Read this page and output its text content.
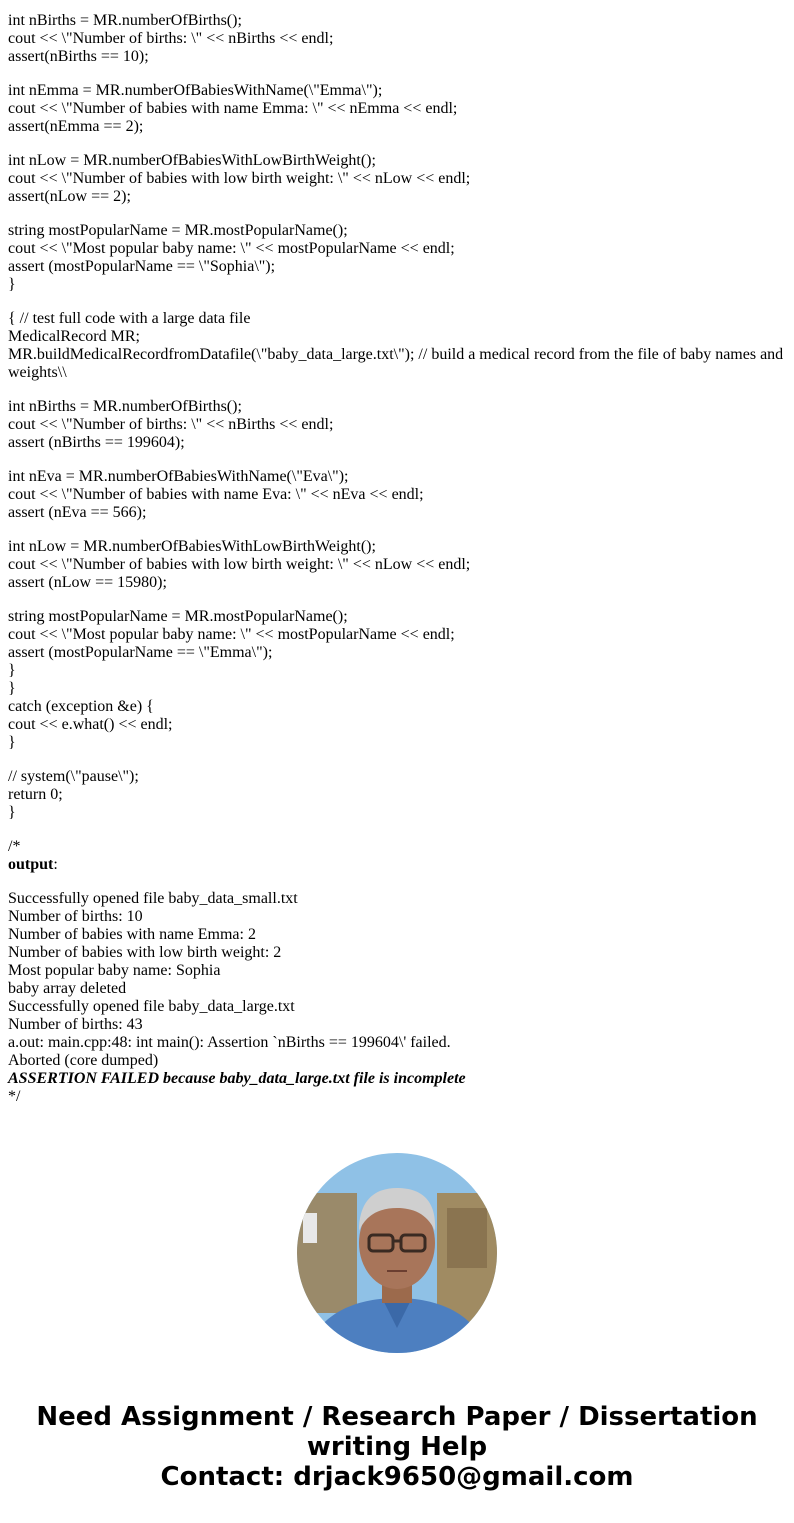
int nBirths = MR.numberOfBirths();
cout << \"Number of births: \" << nBirths << endl;
assert(nBirths == 10);
int nEmma = MR.numberOfBabiesWithName(\"Emma\");
cout << \"Number of babies with name Emma: \" << nEmma << endl;
assert(nEmma == 2);
int nLow = MR.numberOfBabiesWithLowBirthWeight();
cout << \"Number of babies with low birth weight: \" << nLow << endl;
assert(nLow == 2);
string mostPopularName = MR.mostPopularName();
cout << \"Most popular baby name: \" << mostPopularName << endl;
assert (mostPopularName == \"Sophia\");
}
{ // test full code with a large data file
MedicalRecord MR;
MR.buildMedicalRecordfromDatafile(\"baby_data_large.txt\"); // build a medical record from the file of baby names and weights\\
int nBirths = MR.numberOfBirths();
cout << \"Number of births: \" << nBirths << endl;
assert (nBirths == 199604);
int nEva = MR.numberOfBabiesWithName(\"Eva\");
cout << \"Number of babies with name Eva: \" << nEva << endl;
assert (nEva == 566);
int nLow = MR.numberOfBabiesWithLowBirthWeight();
cout << \"Number of babies with low birth weight: \" << nLow << endl;
assert (nLow == 15980);
string mostPopularName = MR.mostPopularName();
cout << \"Most popular baby name: \" << mostPopularName << endl;
assert (mostPopularName == \"Emma\");
}
}
catch (exception &e) {
cout << e.what() << endl;
}
// system(\"pause\");
return 0;
}
/*
output:
Successfully opened file baby_data_small.txt
Number of births: 10
Number of babies with name Emma: 2
Number of babies with low birth weight: 2
Most popular baby name: Sophia
baby array deleted
Successfully opened file baby_data_large.txt
Number of births: 43
a.out: main.cpp:48: int main(): Assertion `nBirths == 199604\' failed.
Aborted (core dumped)
ASSERTION FAILED because baby_data_large.txt file is incomplete
*/
Need Assignment / Research Paper / Dissertation
writing Help
Contact: drjack9650@gmail.com
